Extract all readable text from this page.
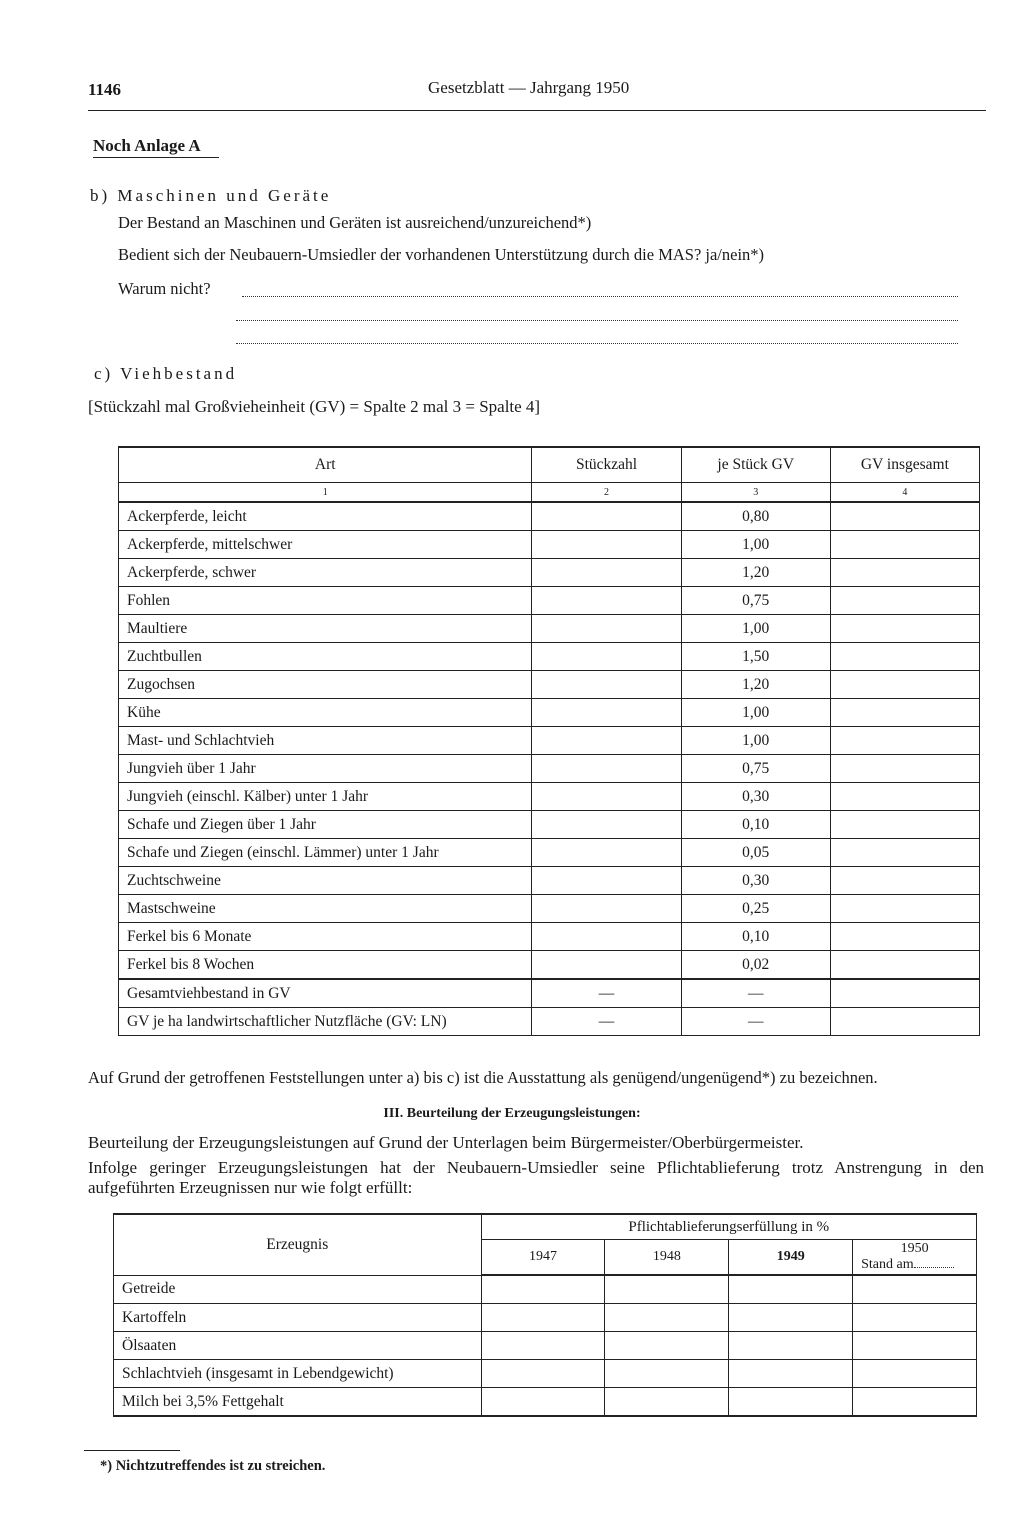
1146	Gesetzblatt — Jahrgang 1950
Noch Anlage A
b) Maschinen und Geräte
Der Bestand an Maschinen und Geräten ist ausreichend/unzureichend*)
Bedient sich der Neubauern-Umsiedler der vorhandenen Unterstützung durch die MAS? ja/nein*)
Warum nicht?
c) Viehbestand
[Stückzahl mal Großvieheinheit (GV) = Spalte 2 mal 3 = Spalte 4]
Art	Stückzahl	je Stück GV	GV insgesamt
1	2	3	4
Ackerpferde, leicht		0,80	
Ackerpferde, mittelschwer		1,00	
Ackerpferde, schwer		1,20	
Fohlen		0,75	
Maultiere		1,00	
Zuchtbullen		1,50	
Zugochsen		1,20	
Kühe		1,00	
Mast- und Schlachtvieh		1,00	
Jungvieh über 1 Jahr		0,75	
Jungvieh (einschl. Kälber) unter 1 Jahr		0,30	
Schafe und Ziegen über 1 Jahr		0,10	
Schafe und Ziegen (einschl. Lämmer) unter 1 Jahr		0,05	
Zuchtschweine		0,30	
Mastschweine		0,25	
Ferkel bis 6 Monate		0,10	
Ferkel bis 8 Wochen		0,02	
Gesamtviehbestand in GV	—	—	
GV je ha landwirtschaftlicher Nutzfläche (GV: LN)	—	—	
Auf Grund der getroffenen Feststellungen unter a) bis c) ist die Ausstattung als genügend/ungenügend*) zu bezeichnen.
III. Beurteilung der Erzeugungsleistungen:
Beurteilung der Erzeugungsleistungen auf Grund der Unterlagen beim Bürgermeister/Oberbürgermeister.
Infolge geringer Erzeugungsleistungen hat der Neubauern-Umsiedler seine Pflichtablieferung trotz Anstrengung in den aufgeführten Erzeugnissen nur wie folgt erfüllt:
Erzeugnis	Pflichtablieferungserfüllung in %			
	1947	1948	1949	1950
Stand am

Getreide				
Kartoffeln				
Ölsaaten				
Schlachtvieh (insgesamt in Lebendgewicht)				
Milch bei 3,5% Fettgehalt				
*) Nichtzutreffendes ist zu streichen.
